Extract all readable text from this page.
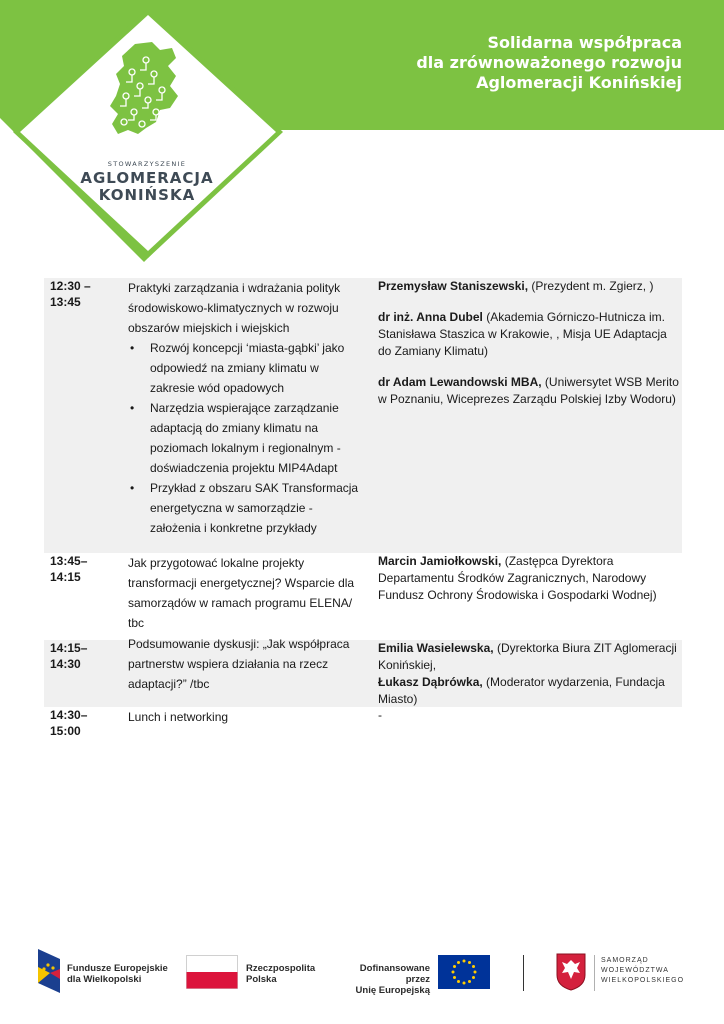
Solidarna współpraca
dla zrównoważonego rozwoju
Aglomeracji Konińskiej
STOWARZYSZENIE
AGLOMERACJA
KONIŃSKA
12:30 – 13:45
Praktyki zarządzania i wdrażania polityk środowiskowo-klimatycznych w rozwoju obszarów miejskich i wiejskich
• Rozwój koncepcji ‘miasta-gąbki’ jako odpowiedź na zmiany klimatu w zakresie wód opadowych
• Narzędzia wspierające zarządzanie adaptacją do zmiany klimatu na poziomach lokalnym i regionalnym - doświadczenia projektu MIP4Adapt
• Przykład z obszaru SAK Transformacja energetyczna w samorządzie - założenia i konkretne przykłady

Przemysław Staniszewski, (Prezydent m. Zgierz, )

dr inż. Anna Dubel (Akademia Górniczo-Hutnicza im. Stanisława Staszica w Krakowie, , Misja UE Adaptacja do Zamiany Klimatu)

dr Adam Lewandowski MBA, (Uniwersytet WSB Merito w Poznaniu, Wiceprezes Zarządu Polskiej Izby Wodoru)

13:45– 14:15
Jak przygotować lokalne projekty transformacji energetycznej? Wsparcie dla samorządów w ramach programu ELENA/ tbc

Marcin Jamiołkowski, (Zastępca Dyrektora Departamentu Środków Zagranicznych, Narodowy Fundusz Ochrony Środowiska i Gospodarki Wodnej)

14:15– 14:30
Podsumowanie dyskusji: „Jak współpraca partnerstw wspiera działania na rzecz adaptacji?” /tbc
Emilia Wasielewska, (Dyrektorka Biura ZIT Aglomeracji Konińskiej,
Łukasz Dąbrówka, (Moderator wydarzenia, Fundacja Miasto)
14:30– 15:00
Lunch i networking	-
Fundusze Europejskie
dla Wielkopolski
Rzeczpospolita
Polska
Dofinansowane przez
Unię Europejską
SAMORZĄD
WOJEWÓDZTWA
WIELKOPOLSKIEGO
